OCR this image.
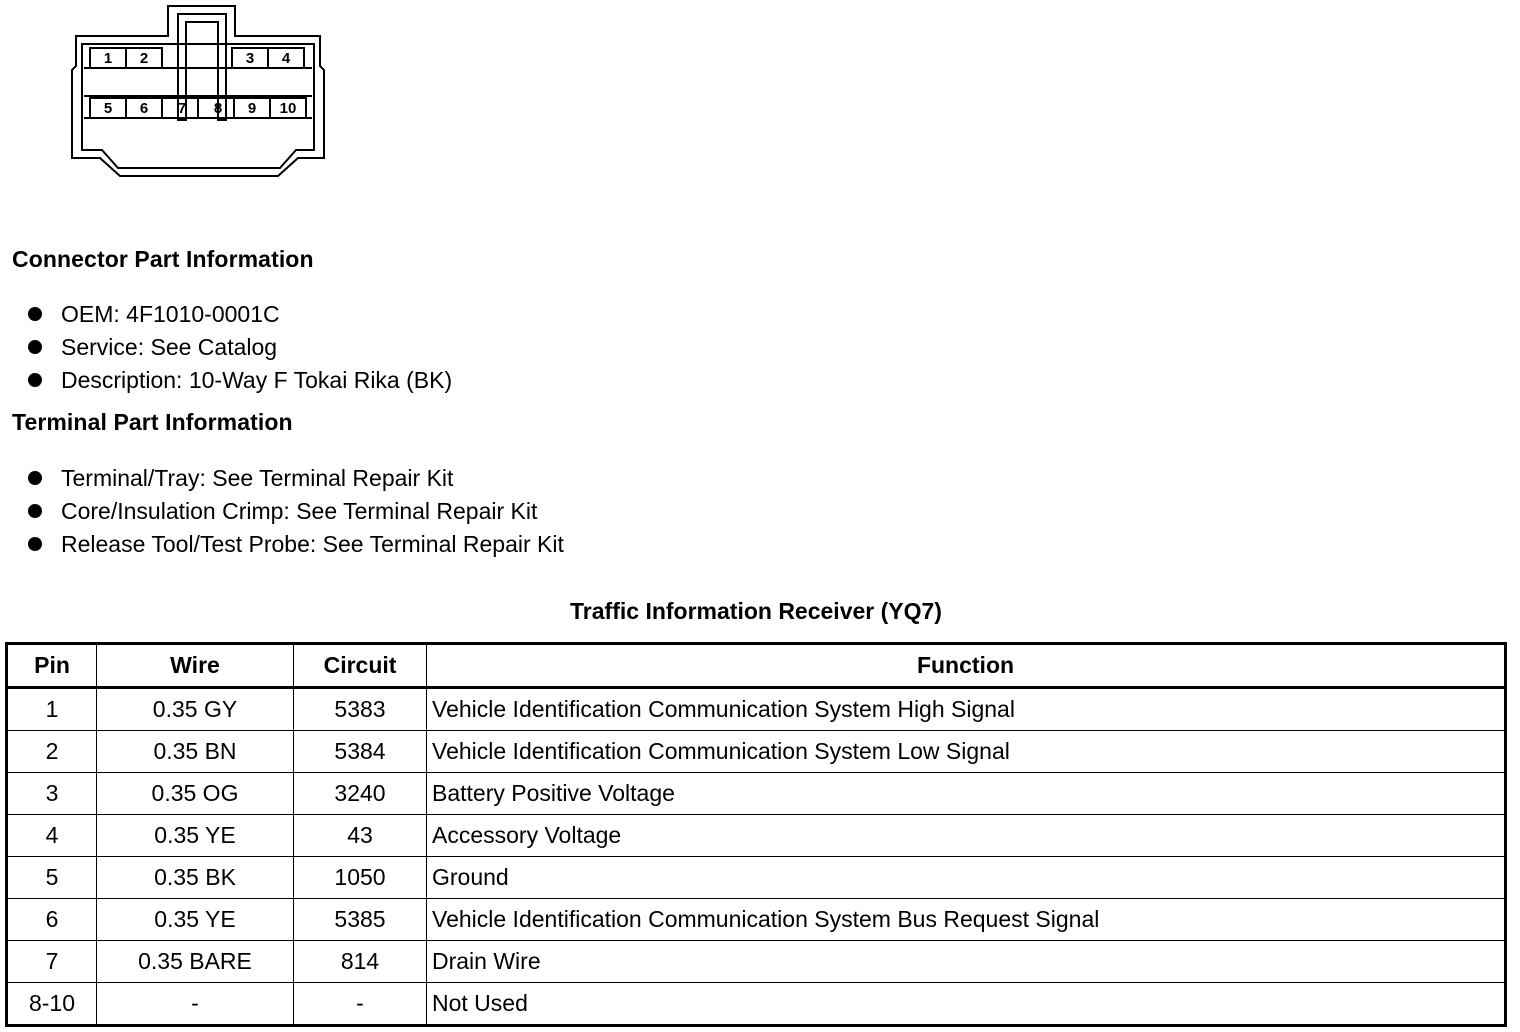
1 2	3 4
5 6 7 8 9 10
Connector Part Information
OEM: 4F1010-0001C
Service: See Catalog
Description: 10-Way F Tokai Rika (BK)
Terminal Part Information
Terminal/Tray: See Terminal Repair Kit
Core/Insulation Crimp: See Terminal Repair Kit
Release Tool/Test Probe: See Terminal Repair Kit
Traffic Information Receiver (YQ7)
Pin	Wire	Circuit	Function
1	0.35 GY	5383	Vehicle Identification Communication System High Signal
2	0.35 BN	5384	Vehicle Identification Communication System Low Signal
3	0.35 OG	3240	Battery Positive Voltage
4	0.35 YE	43	Accessory Voltage
5	0.35 BK	1050	Ground
6	0.35 YE	5385	Vehicle Identification Communication System Bus Request Signal
7	0.35 BARE	814	Drain Wire
8-10	-	-	Not Used
